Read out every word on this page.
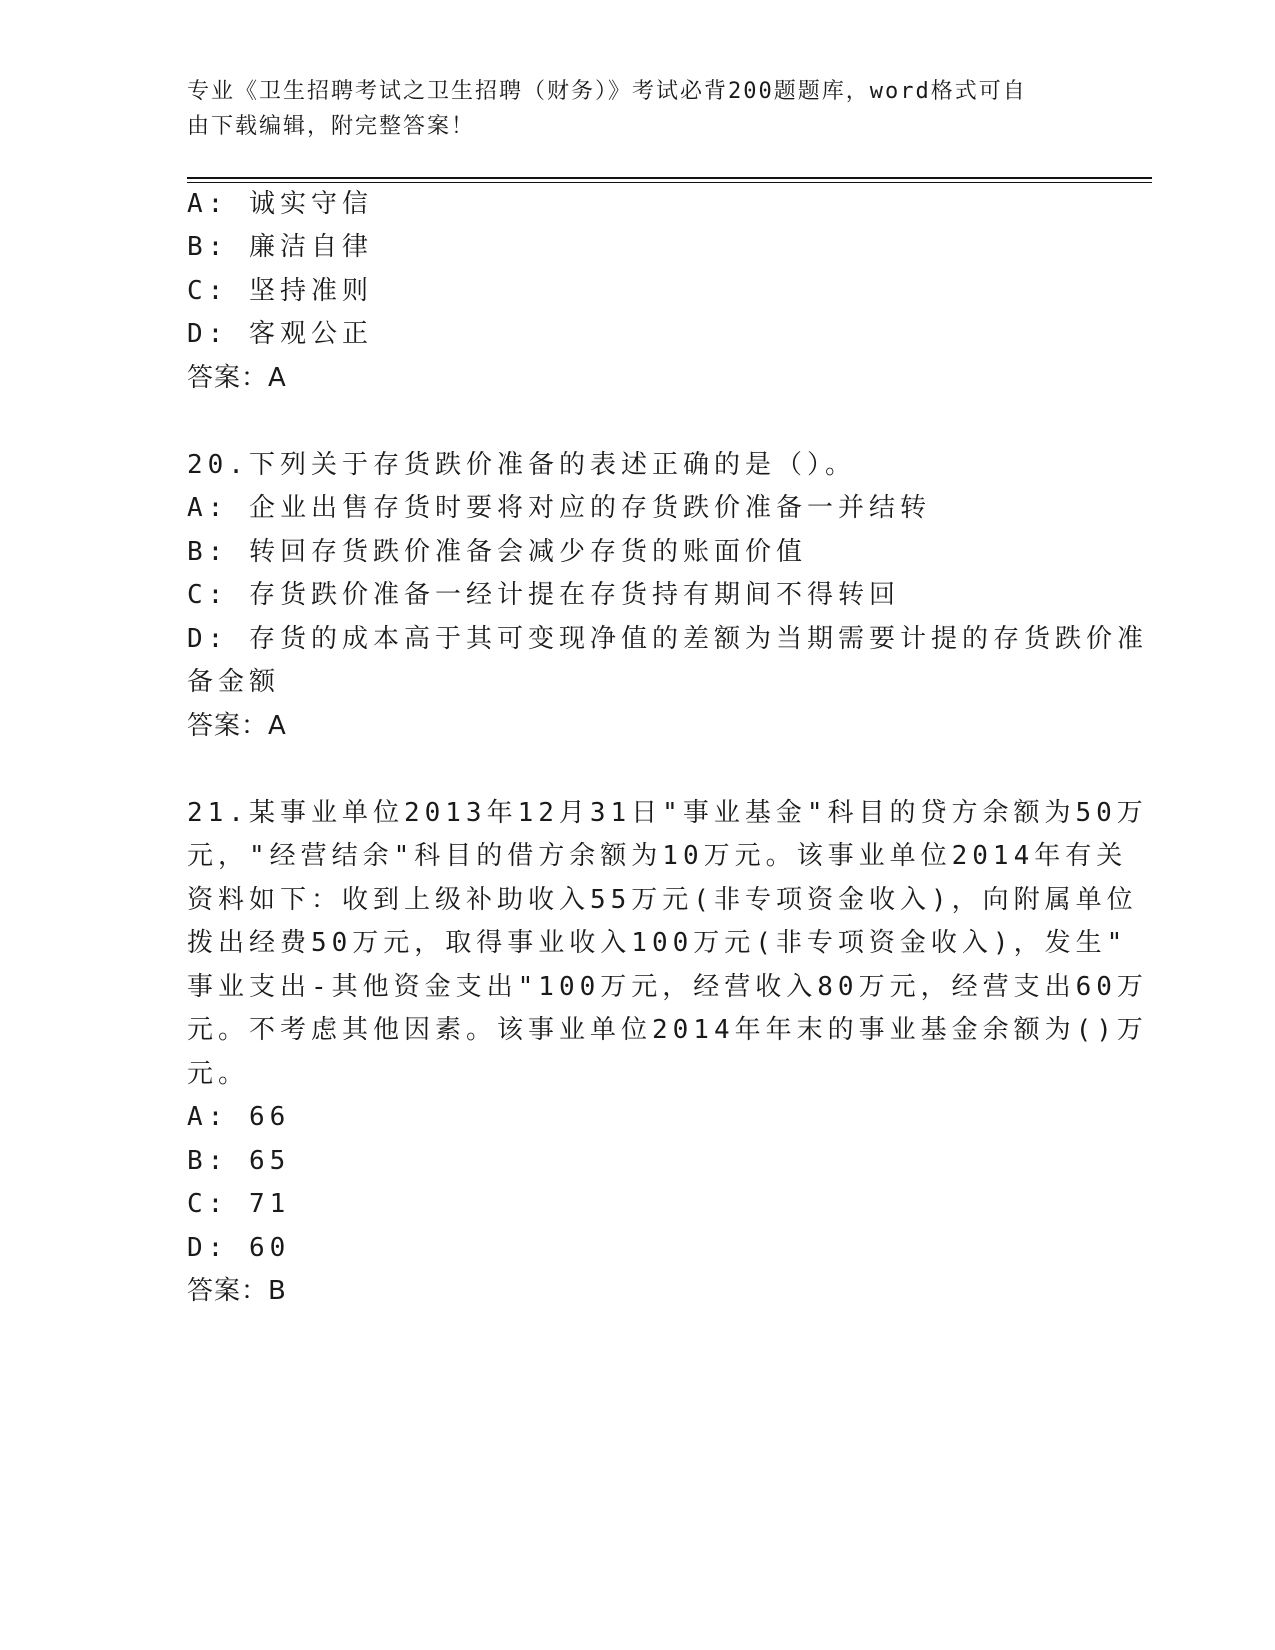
专业《卫生招聘考试之卫生招聘（财务）》考试必背200题题库，word格式可自
由下载编辑，附完整答案！
A: 诚实守信
B: 廉洁自律
C: 坚持准则
D: 客观公正
答案：A
20.下列关于存货跌价准备的表述正确的是（）。
A: 企业出售存货时要将对应的存货跌价准备一并结转
B: 转回存货跌价准备会减少存货的账面价值
C: 存货跌价准备一经计提在存货持有期间不得转回
D: 存货的成本高于其可变现净值的差额为当期需要计提的存货跌价准
备金额
答案：A
21.某事业单位2013年12月31日"事业基金"科目的贷方余额为50万
元，"经营结余"科目的借方余额为10万元。该事业单位2014年有关
资料如下：收到上级补助收入55万元(非专项资金收入)，向附属单位
拨出经费50万元，取得事业收入100万元(非专项资金收入)，发生"
事业支出-其他资金支出"100万元，经营收入80万元，经营支出60万
元。不考虑其他因素。该事业单位2014年年末的事业基金余额为()万
元。
A: 66
B: 65
C: 71
D: 60
答案：B
